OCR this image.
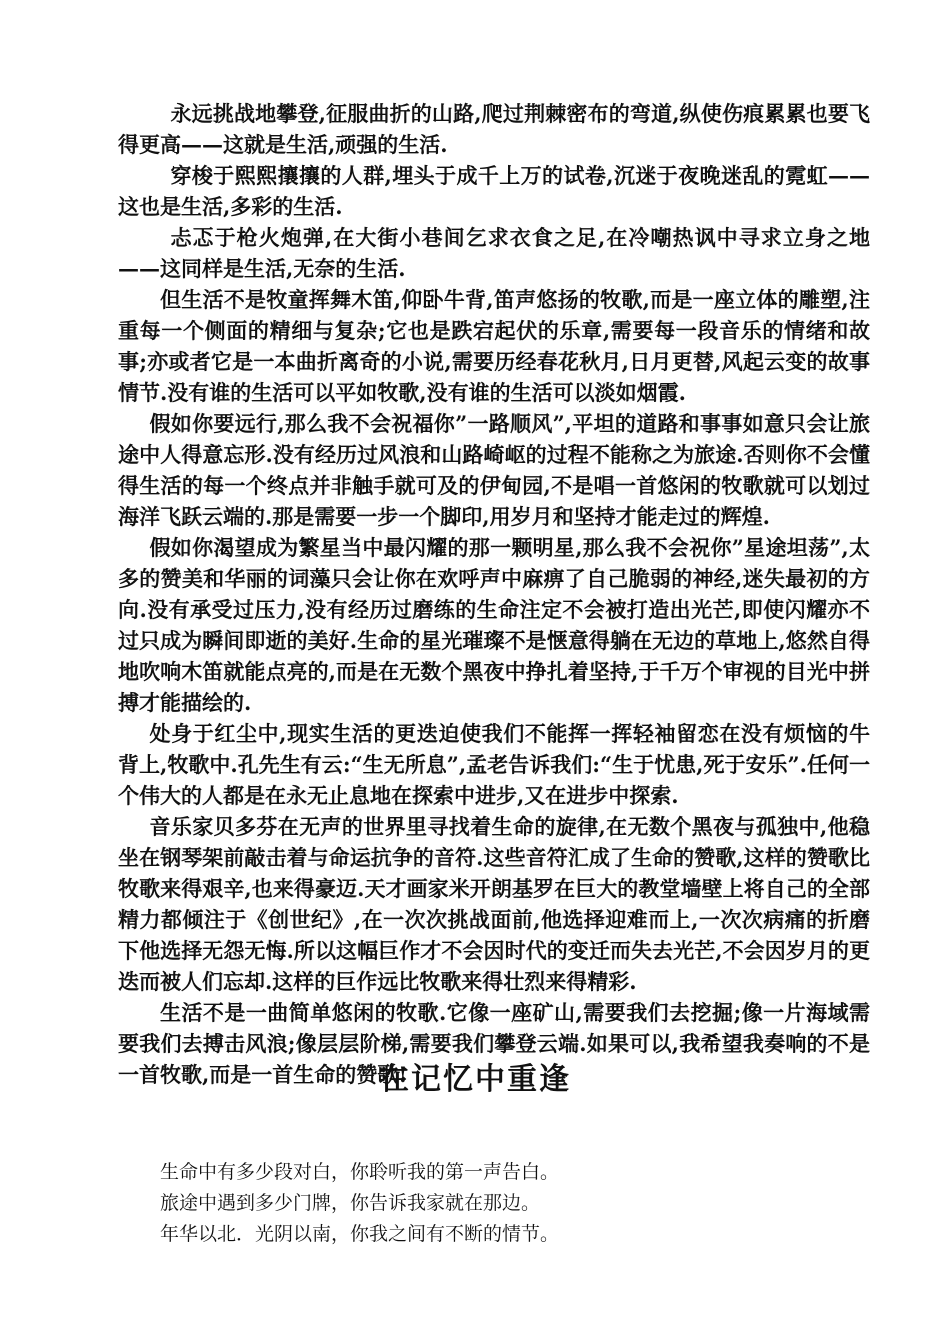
永远挑战地攀登,征服曲折的山路,爬过荆棘密布的弯道,纵使伤痕累累也要飞得更高——这就是生活,顽强的生活.

穿梭于熙熙攘攘的人群,埋头于成千上万的试卷,沉迷于夜晚迷乱的霓虹——这也是生活,多彩的生活.

忐忑于枪火炮弹,在大街小巷间乞求衣食之足,在冷嘲热讽中寻求立身之地——这同样是生活,无奈的生活.

但生活不是牧童挥舞木笛,仰卧牛背,笛声悠扬的牧歌,而是一座立体的雕塑,注重每一个侧面的精细与复杂;它也是跌宕起伏的乐章,需要每一段音乐的情绪和故事;亦或者它是一本曲折离奇的小说,需要历经春花秋月,日月更替,风起云变的故事情节.没有谁的生活可以平如牧歌,没有谁的生活可以淡如烟霞.

假如你要远行,那么我不会祝福你”一路顺风”,平坦的道路和事事如意只会让旅途中人得意忘形.没有经历过风浪和山路崎岖的过程不能称之为旅途.否则你不会懂得生活的每一个终点并非触手就可及的伊甸园,不是唱一首悠闲的牧歌就可以划过海洋飞跃云端的.那是需要一步一个脚印,用岁月和坚持才能走过的辉煌.

假如你渴望成为繁星当中最闪耀的那一颗明星,那么我不会祝你”星途坦荡”,太多的赞美和华丽的词藻只会让你在欢呼声中麻痹了自己脆弱的神经,迷失最初的方向.没有承受过压力,没有经历过磨练的生命注定不会被打造出光芒,即使闪耀亦不过只成为瞬间即逝的美好.生命的星光璀璨不是惬意得躺在无边的草地上,悠然自得地吹响木笛就能点亮的,而是在无数个黑夜中挣扎着坚持,于千万个审视的目光中拼搏才能描绘的.

处身于红尘中,现实生活的更迭迫使我们不能挥一挥轻袖留恋在没有烦恼的牛背上,牧歌中.孔先生有云:“生无所息”,孟老告诉我们:“生于忧患,死于安乐”.任何一个伟大的人都是在永无止息地在探索中进步,又在进步中探索.

音乐家贝多芬在无声的世界里寻找着生命的旋律,在无数个黑夜与孤独中,他稳坐在钢琴架前敲击着与命运抗争的音符.这些音符汇成了生命的赞歌,这样的赞歌比牧歌来得艰辛,也来得豪迈.天才画家米开朗基罗在巨大的教堂墙壁上将自己的全部精力都倾注于《创世纪》,在一次次挑战面前,他选择迎难而上,一次次病痛的折磨下他选择无怨无悔.所以这幅巨作才不会因时代的变迁而失去光芒,不会因岁月的更迭而被人们忘却.这样的巨作远比牧歌来得壮烈来得精彩.

生活不是一曲简单悠闲的牧歌.它像一座矿山,需要我们去挖掘;像一片海域需要我们去搏击风浪;像层层阶梯,需要我们攀登云端.如果可以,我希望我奏响的不是一首牧歌,而是一首生命的赞歌!

在记忆中重逢

生命中有多少段对白，你聆听我的第一声告白。

旅途中遇到多少门牌，你告诉我家就在那边。

年华以北．光阴以南，你我之间有不断的情节。
